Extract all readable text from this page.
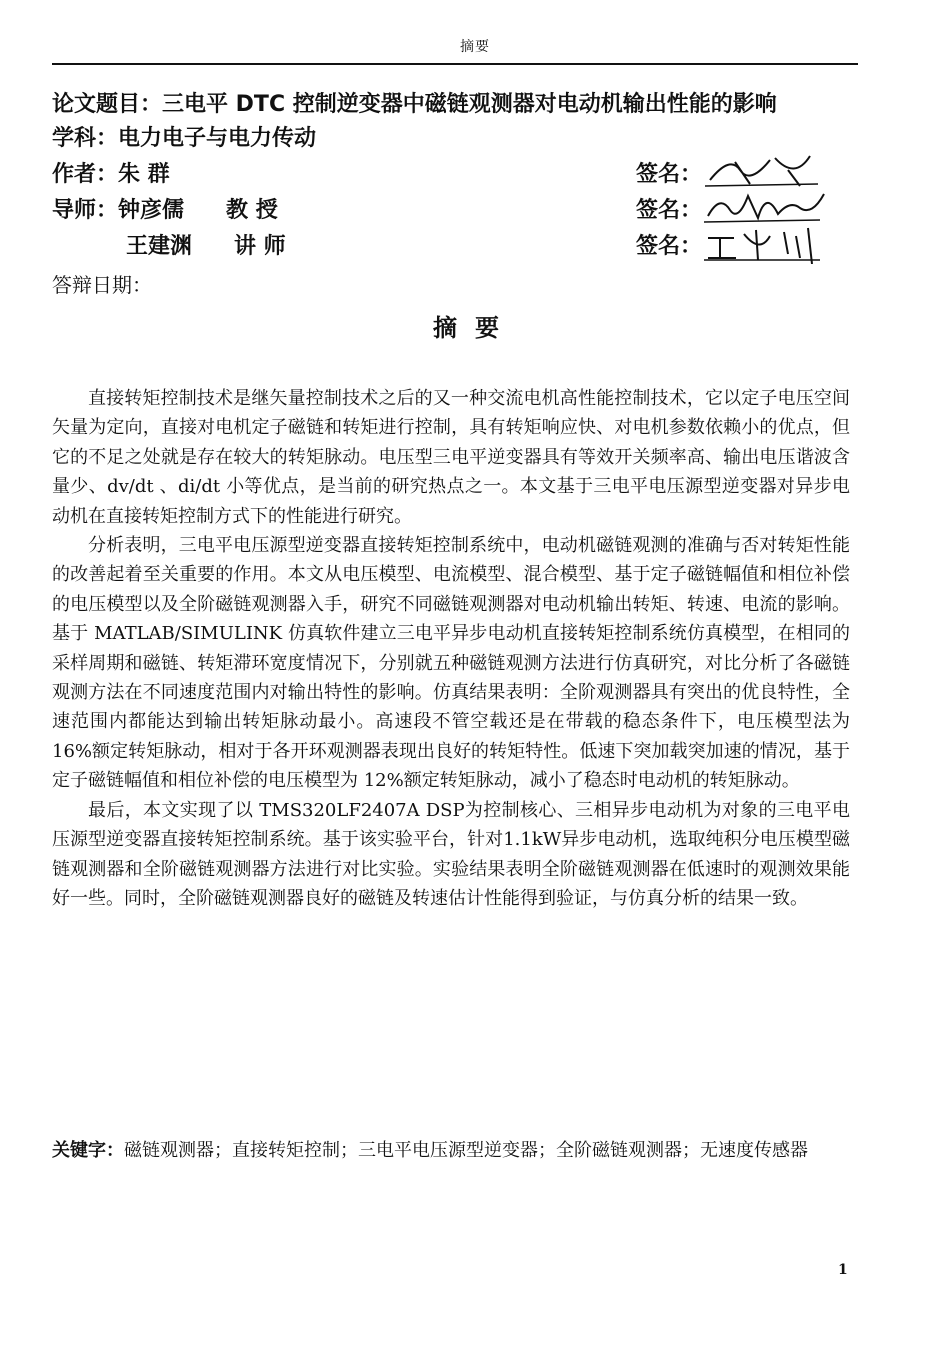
摘要
论文题目：三电平 DTC 控制逆变器中磁链观测器对电动机输出性能的影响
学科：电力电子与电力传动
作者：朱 群
导师：钟彦儒 教 授
王建渊 讲 师
签名：
签名：
签名：
答辩日期：
摘要

直接转矩控制技术是继矢量控制技术之后的又一种交流电机高性能控制技术，它以定子电压空间矢量为定向，直接对电机定子磁链和转矩进行控制，具有转矩响应快、对电机参数依赖小的优点，但它的不足之处就是存在较大的转矩脉动。电压型三电平逆变器具有等效开关频率高、输出电压谐波含量少、dv/dt 、di/dt 小等优点，是当前的研究热点之一。本文基于三电平电压源型逆变器对异步电动机在直接转矩控制方式下的性能进行研究。

分析表明，三电平电压源型逆变器直接转矩控制系统中，电动机磁链观测的准确与否对转矩性能的改善起着至关重要的作用。本文从电压模型、电流模型、混合模型、基于定子磁链幅值和相位补偿的电压模型以及全阶磁链观测器入手，研究不同磁链观测器对电动机输出转矩、转速、电流的影响。基于 MATLAB/SIMULINK 仿真软件建立三电平异步电动机直接转矩控制系统仿真模型，在相同的采样周期和磁链、转矩滞环宽度情况下，分别就五种磁链观测方法进行仿真研究，对比分析了各磁链观测方法在不同速度范围内对输出特性的影响。仿真结果表明：全阶观测器具有突出的优良特性，全速范围内都能达到输出转矩脉动最小。高速段不管空载还是在带载的稳态条件下，电压模型法为 16%额定转矩脉动，相对于各开环观测器表现出良好的转矩特性。低速下突加载突加速的情况，基于定子磁链幅值和相位补偿的电压模型为 12%额定转矩脉动，减小了稳态时电动机的转矩脉动。

最后，本文实现了以 TMS320LF2407A DSP为控制核心、三相异步电动机为对象的三电平电压源型逆变器直接转矩控制系统。基于该实验平台，针对1.1kW异步电动机，选取纯积分电压模型磁链观测器和全阶磁链观测器方法进行对比实验。实验结果表明全阶磁链观测器在低速时的观测效果能好一些。同时，全阶磁链观测器良好的磁链及转速估计性能得到验证，与仿真分析的结果一致。

关键字：磁链观测器；直接转矩控制；三电平电压源型逆变器；全阶磁链观测器；无速度传感器
1
